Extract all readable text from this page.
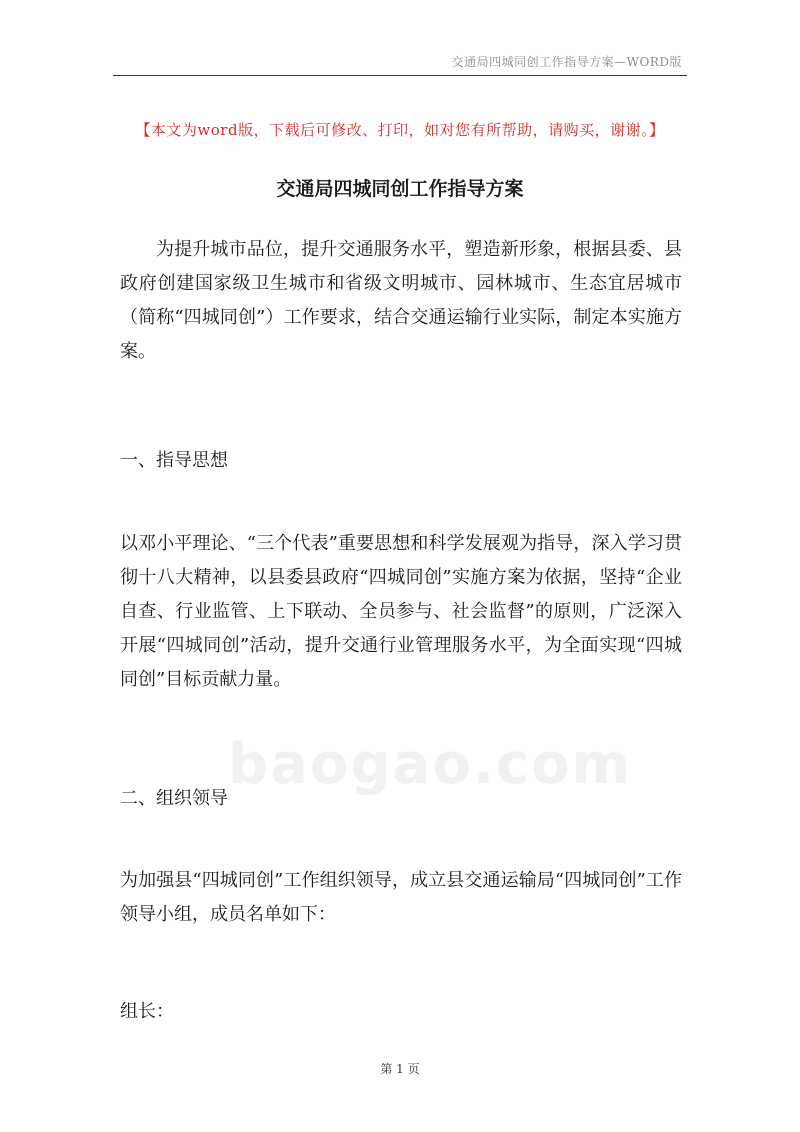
交通局四城同创工作指导方案—WORD版
【本文为word版，下载后可修改、打印，如对您有所帮助，请购买，谢谢。】
交通局四城同创工作指导方案

为提升城市品位，提升交通服务水平，塑造新形象，根据县委、县政府创建国家级卫生城市和省级文明城市、园林城市、生态宜居城市（简称“四城同创”）工作要求，结合交通运输行业实际，制定本实施方案。

一、指导思想

以邓小平理论、“三个代表”重要思想和科学发展观为指导，深入学习贯彻十八大精神，以县委县政府“四城同创”实施方案为依据，坚持“企业自查、行业监管、上下联动、全员参与、社会监督”的原则，广泛深入开展“四城同创”活动，提升交通行业管理服务水平，为全面实现“四城同创”目标贡献力量。

二、组织领导

为加强县“四城同创”工作组织领导，成立县交通运输局“四城同创”工作领导小组，成员名单如下：

组长：

baogao.com
第 1 页
